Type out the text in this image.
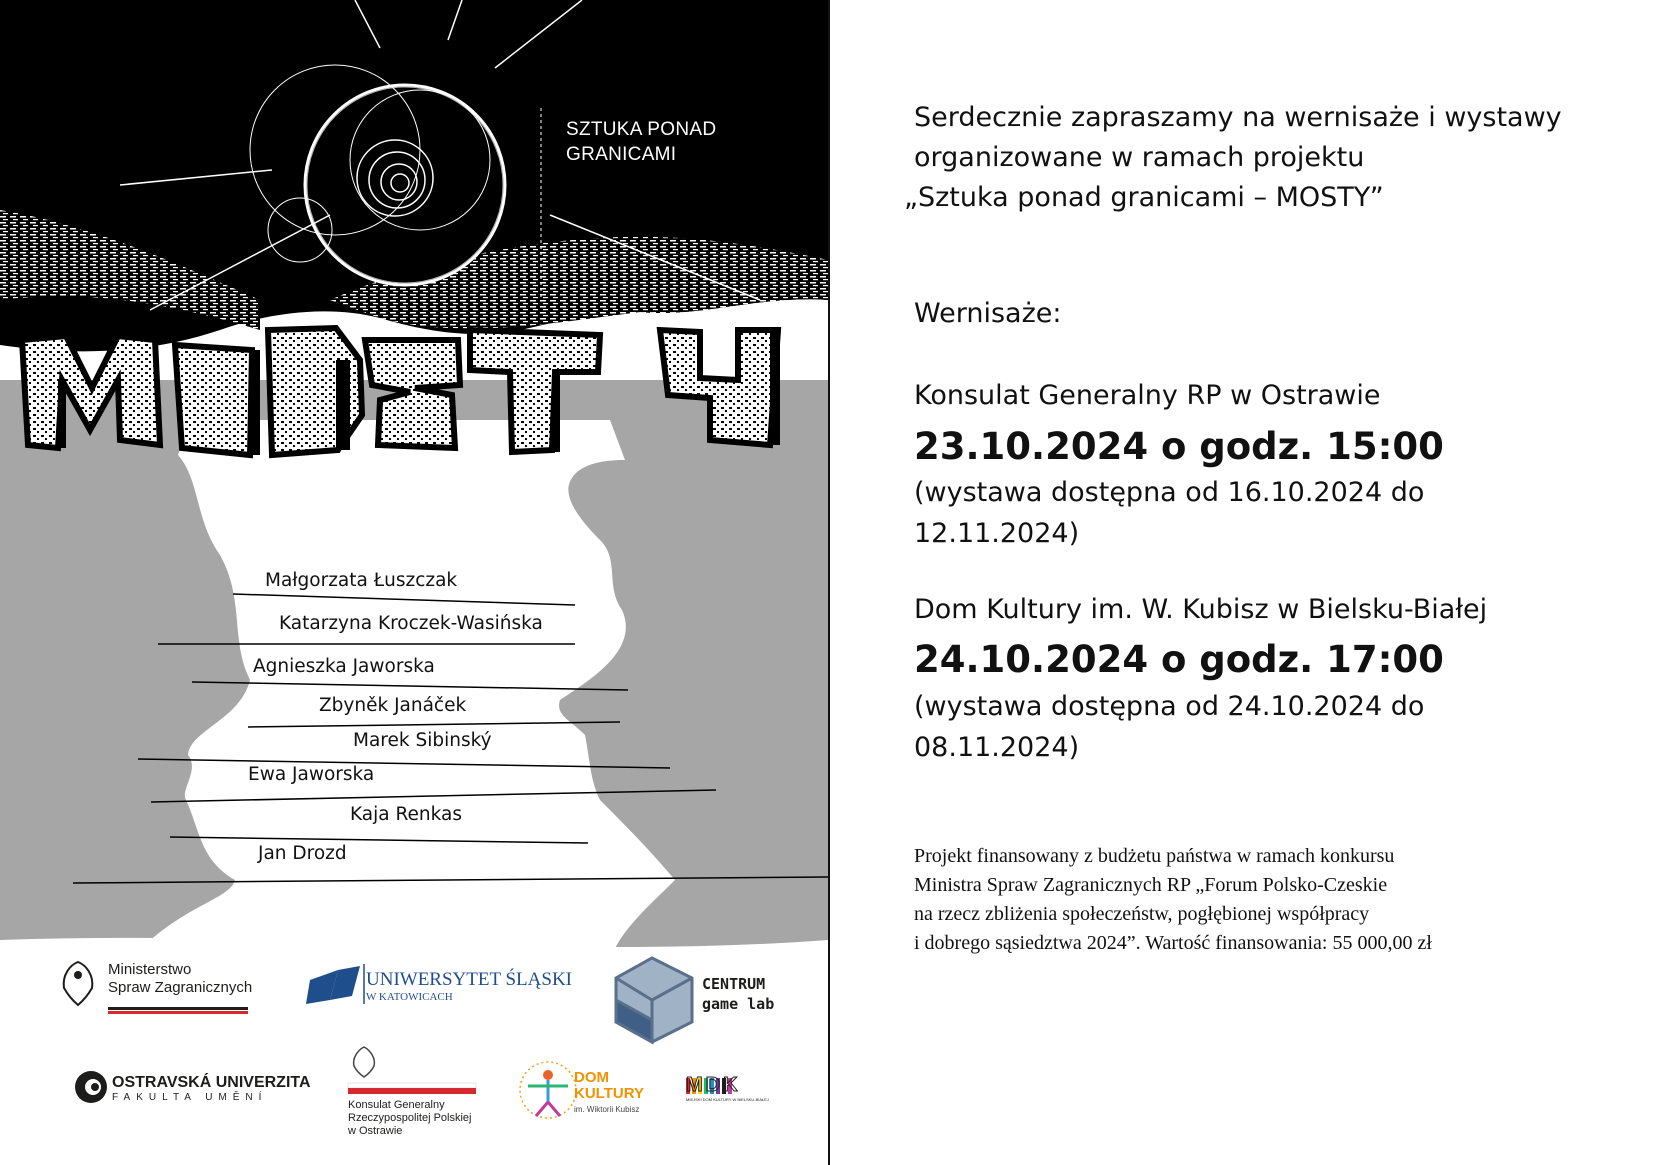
SZTUKA PONAD
GRANICAMI
Małgorzata Łuszczak
Katarzyna Kroczek-Wasińska
Agnieszka Jaworska
Zbyněk Janáček
Marek Sibinský
Ewa Jaworska
Kaja Renkas
Jan Drozd
Ministerstwo
Spraw Zagranicznych	UNIWERSYTET ŚLĄSKI
W KATOWICACH
CENTRUM
game lab
OSTRAVSKÁ UNIVERZITA
FAKULTA UMĚNÍ
Konsulat Generalny
Rzeczypospolitej Polskiej
w Ostrawie
DOM
KULTURY
im. Wiktorii Kubisz
MDK
MIEJSKI DOM KULTURY W BIELSKU-BIAŁEJ
Serdecznie zapraszamy na wernisaże i wystawy
organizowane w ramach projektu
„Sztuka ponad granicami – MOSTY”
Wernisaże:
Konsulat Generalny RP w Ostrawie
23.10.2024 o godz. 15:00
(wystawa dostępna od 16.10.2024 do
12.11.2024)
Dom Kultury im. W. Kubisz w Bielsku-Białej
24.10.2024 o godz. 17:00
(wystawa dostępna od 24.10.2024 do
08.11.2024)
Projekt finansowany z budżetu państwa w ramach konkursu
Ministra Spraw Zagranicznych RP „Forum Polsko-Czeskie
na rzecz zbliżenia społeczeństw, pogłębionej współpracy
i dobrego sąsiedztwa 2024”. Wartość finansowania: 55 000,00 zł
